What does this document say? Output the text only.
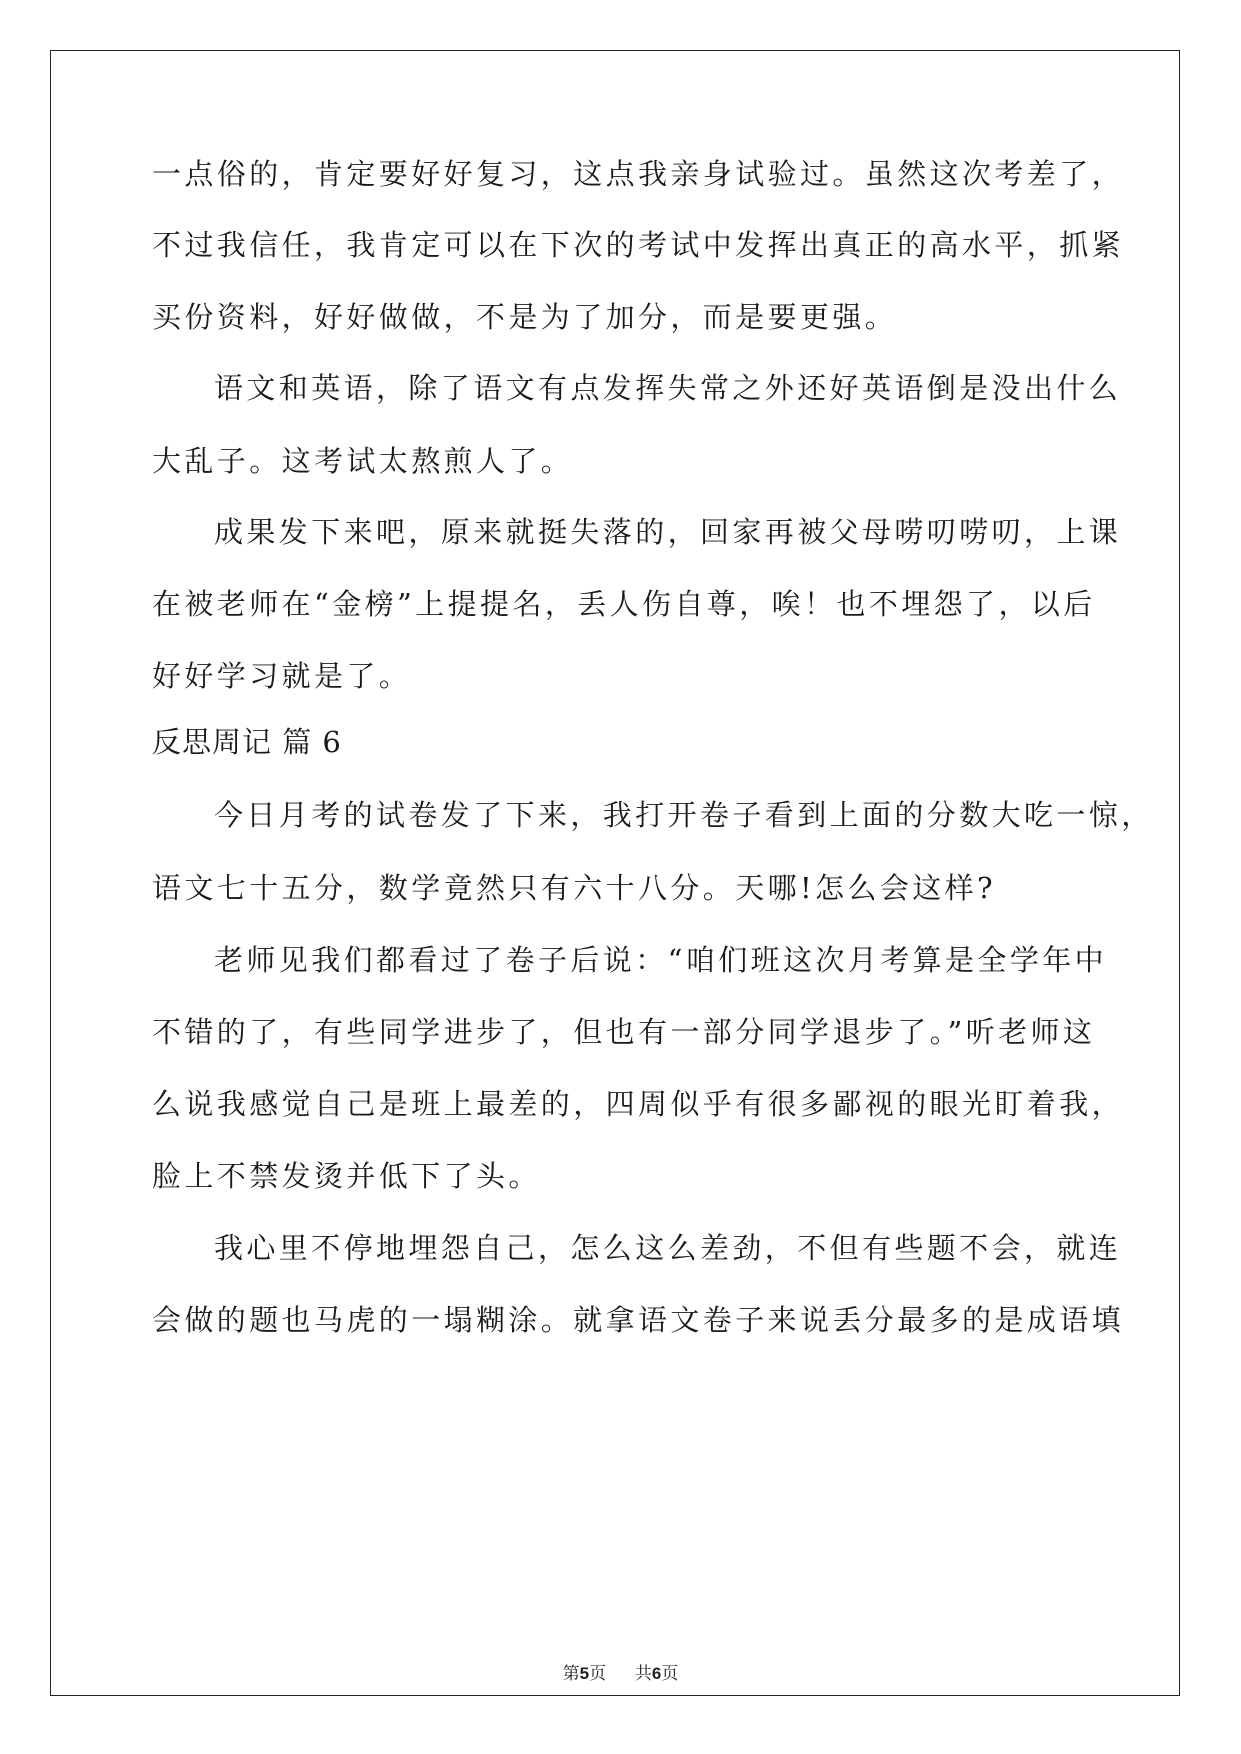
一点俗的，肯定要好好复习，这点我亲身试验过。虽然这次考差了，
不过我信任，我肯定可以在下次的考试中发挥出真正的高水平，抓紧
买份资料，好好做做，不是为了加分，而是要更强。
语文和英语，除了语文有点发挥失常之外还好英语倒是没出什么
大乱子。这考试太熬煎人了。
成果发下来吧，原来就挺失落的，回家再被父母唠叨唠叨，上课
在被老师在“金榜”上提提名，丢人伤自尊，唉！也不埋怨了，以后
好好学习就是了。
反思周记 篇 6
今日月考的试卷发了下来，我打开卷子看到上面的分数大吃一惊，
语文七十五分，数学竟然只有六十八分。天哪!怎么会这样?
老师见我们都看过了卷子后说：“咱们班这次月考算是全学年中
不错的了，有些同学进步了，但也有一部分同学退步了。”听老师这
么说我感觉自己是班上最差的，四周似乎有很多鄙视的眼光盯着我，
脸上不禁发烫并低下了头。
我心里不停地埋怨自己，怎么这么差劲，不但有些题不会，就连
会做的题也马虎的一塌糊涂。就拿语文卷子来说丢分最多的是成语填
第5页 共6页
